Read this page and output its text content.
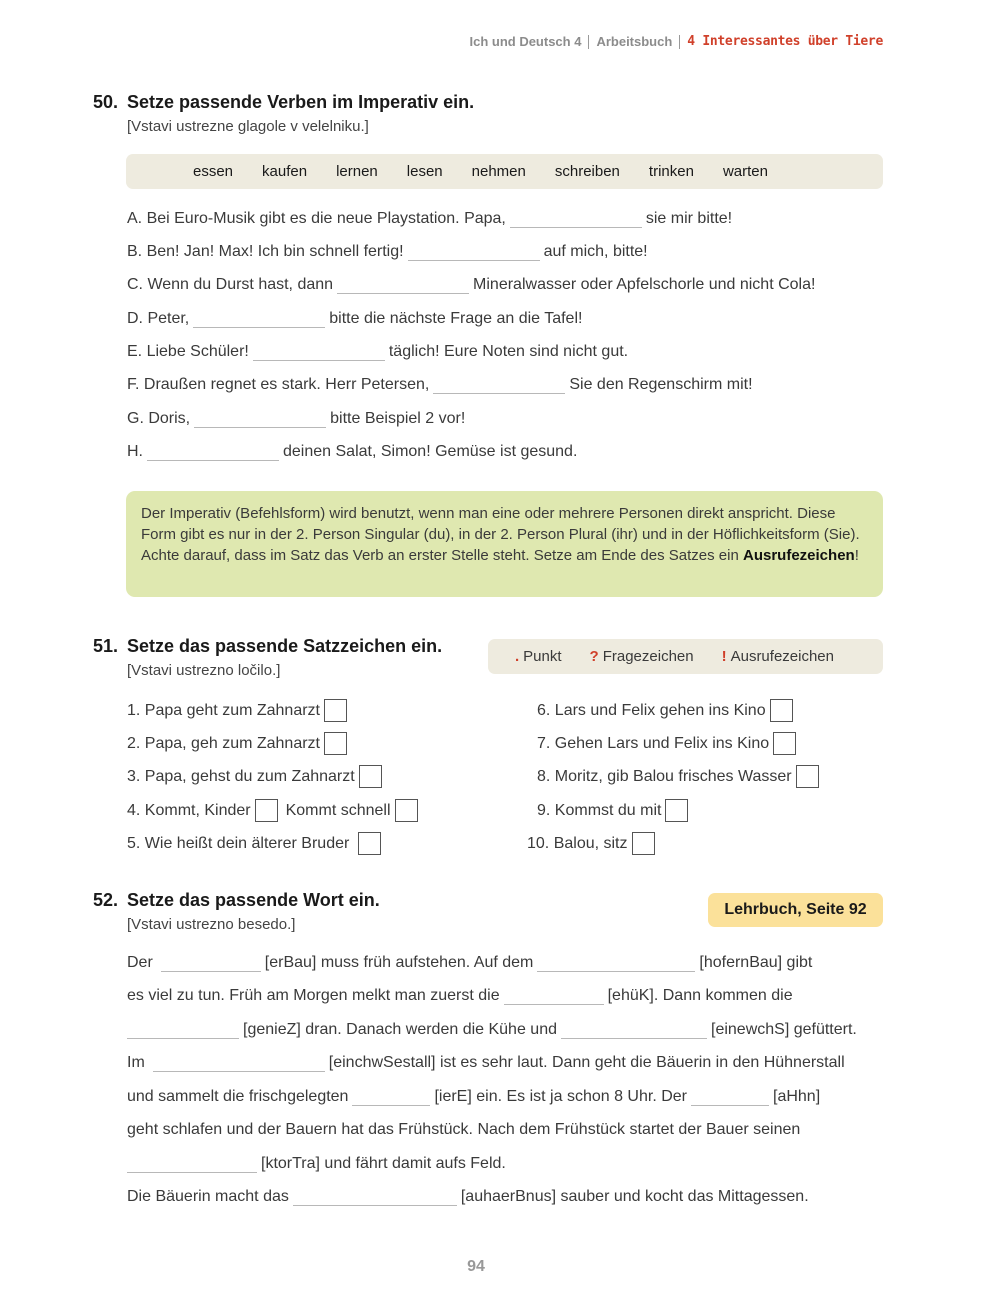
Ich und Deutsch 4 Arbeitsbuch 4 Interessantes über Tiere
50. Setze passende Verben im Imperativ ein.
[Vstavi ustrezne glagole v velelniku.]
essen kaufen lernen lesen nehmen schreiben trinken warten
A. Bei Euro-Musik gibt es die neue Playstation. Papa,	sie mir bitte!
B. Ben! Jan! Max! Ich bin schnell fertig!	auf mich, bitte!
C. Wenn du Durst hast, dann	Mineralwasser oder Apfelschorle und nicht Cola!
D. Peter,	bitte die nächste Frage an die Tafel!
E. Liebe Schüler!	täglich! Eure Noten sind nicht gut.
F. Draußen regnet es stark. Herr Petersen,	Sie den Regenschirm mit!
G. Doris,	bitte Beispiel 2 vor!
H.	deinen Salat, Simon! Gemüse ist gesund.
Der Imperativ (Befehlsform) wird benutzt, wenn man eine oder mehrere Personen direkt anspricht. Diese Form gibt es nur in der 2. Person Singular (du), in der 2. Person Plural (ihr) und in der Höflichkeitsform (Sie). Achte darauf, dass im Satz das Verb an erster Stelle steht. Setze am Ende des Satzes ein Ausrufezeichen!
51. Setze das passende Satzzeichen ein.
[Vstavi ustrezno ločilo.]
. Punkt ? Fragezeichen ! Ausrufezeichen
1. Papa geht zum Zahnarzt
2. Papa, geh zum Zahnarzt
3. Papa, gehst du zum Zahnarzt
4. Kommt, Kinder Kommt schnell
5. Wie heißt dein älterer Bruder
6. Lars und Felix gehen ins Kino
7. Gehen Lars und Felix ins Kino
8. Moritz, gib Balou frisches Wasser
9. Kommst du mit
10. Balou, sitz
52. Setze das passende Wort ein.
[Vstavi ustrezno besedo.]
Lehrbuch, Seite 92
Der	[erBau] muss früh aufstehen. Auf dem	[hofernBau] gibt
es viel zu tun. Früh am Morgen melkt man zuerst die	[ehüK]. Dann kommen die
[genieZ] dran. Danach werden die Kühe und	[einewchS] gefüttert.
Im	[einchwSestall] ist es sehr laut. Dann geht die Bäuerin in den Hühnerstall
und sammelt die frischgelegten	[ierE] ein. Es ist ja schon 8 Uhr. Der	[aHhn]
geht schlafen und der Bauern hat das Frühstück. Nach dem Frühstück startet der Bauer seinen
[ktorTra] und fährt damit aufs Feld.
Die Bäuerin macht das	[auhaerBnus] sauber und kocht das Mittagessen.
94
